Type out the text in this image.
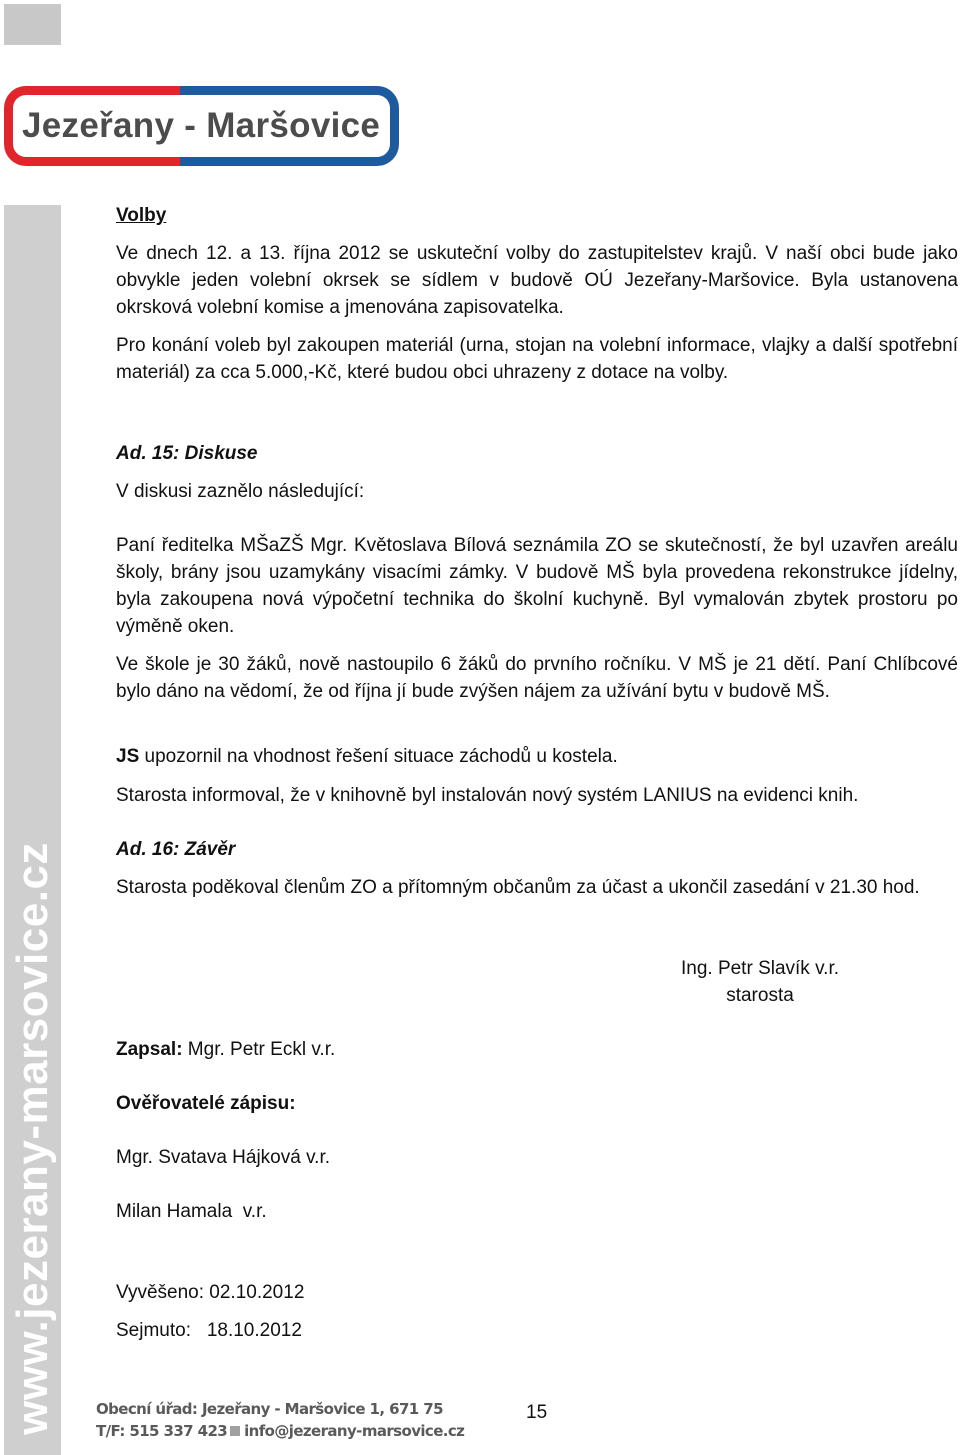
Jezeřany - Maršovice
www.jezerany-marsovice.cz

Volby

Ve dnech 12. a 13. října 2012 se uskuteční volby do zastupitelstev krajů. V naší obci bude jako obvykle jeden volební okrsek se sídlem v budově OÚ Jezeřany-Maršovice. Byla ustanovena okrsková volební komise a jmenována zapisovatelka.

Pro konání voleb byl zakoupen materiál (urna, stojan na volební informace, vlajky a další spotřební materiál) za cca 5.000,-Kč, které budou obci uhrazeny z dotace na volby.

Ad. 15: Diskuse

V diskusi zaznělo následující:

Paní ředitelka MŠaZŠ Mgr. Květoslava Bílová seznámila ZO se skutečností, že byl uzavřen areálu školy, brány jsou uzamykány visacími zámky. V budově MŠ byla provedena rekonstrukce jídelny, byla zakoupena nová výpočetní technika do školní kuchyně. Byl vymalován zbytek prostoru po výměně oken.

Ve škole je 30 žáků, nově nastoupilo 6 žáků do prvního ročníku. V MŠ je 21 dětí. Paní Chlíbcové bylo dáno na vědomí, že od října jí bude zvýšen nájem za užívání bytu v budově MŠ.

JS upozornil na vhodnost řešení situace záchodů u kostela.

Starosta informoval, že v knihovně byl instalován nový systém LANIUS na evidenci knih.

Ad. 16: Závěr

Starosta poděkoval členům ZO a přítomným občanům za účast a ukončil zasedání v 21.30 hod.

Zapsal: Mgr. Petr Eckl v.r.

Ověřovatelé zápisu:

Mgr. Svatava Hájková v.r.

Milan Hamala  v.r.

Vyvěšeno: 02.10.2012

Sejmuto:   18.10.2012

Ing. Petr Slavík v.r.
starosta
Obecní úřad: Jezeřany - Maršovice 1, 671 75
T/F: 515 337 423 info@jezerany-marsovice.cz
15
